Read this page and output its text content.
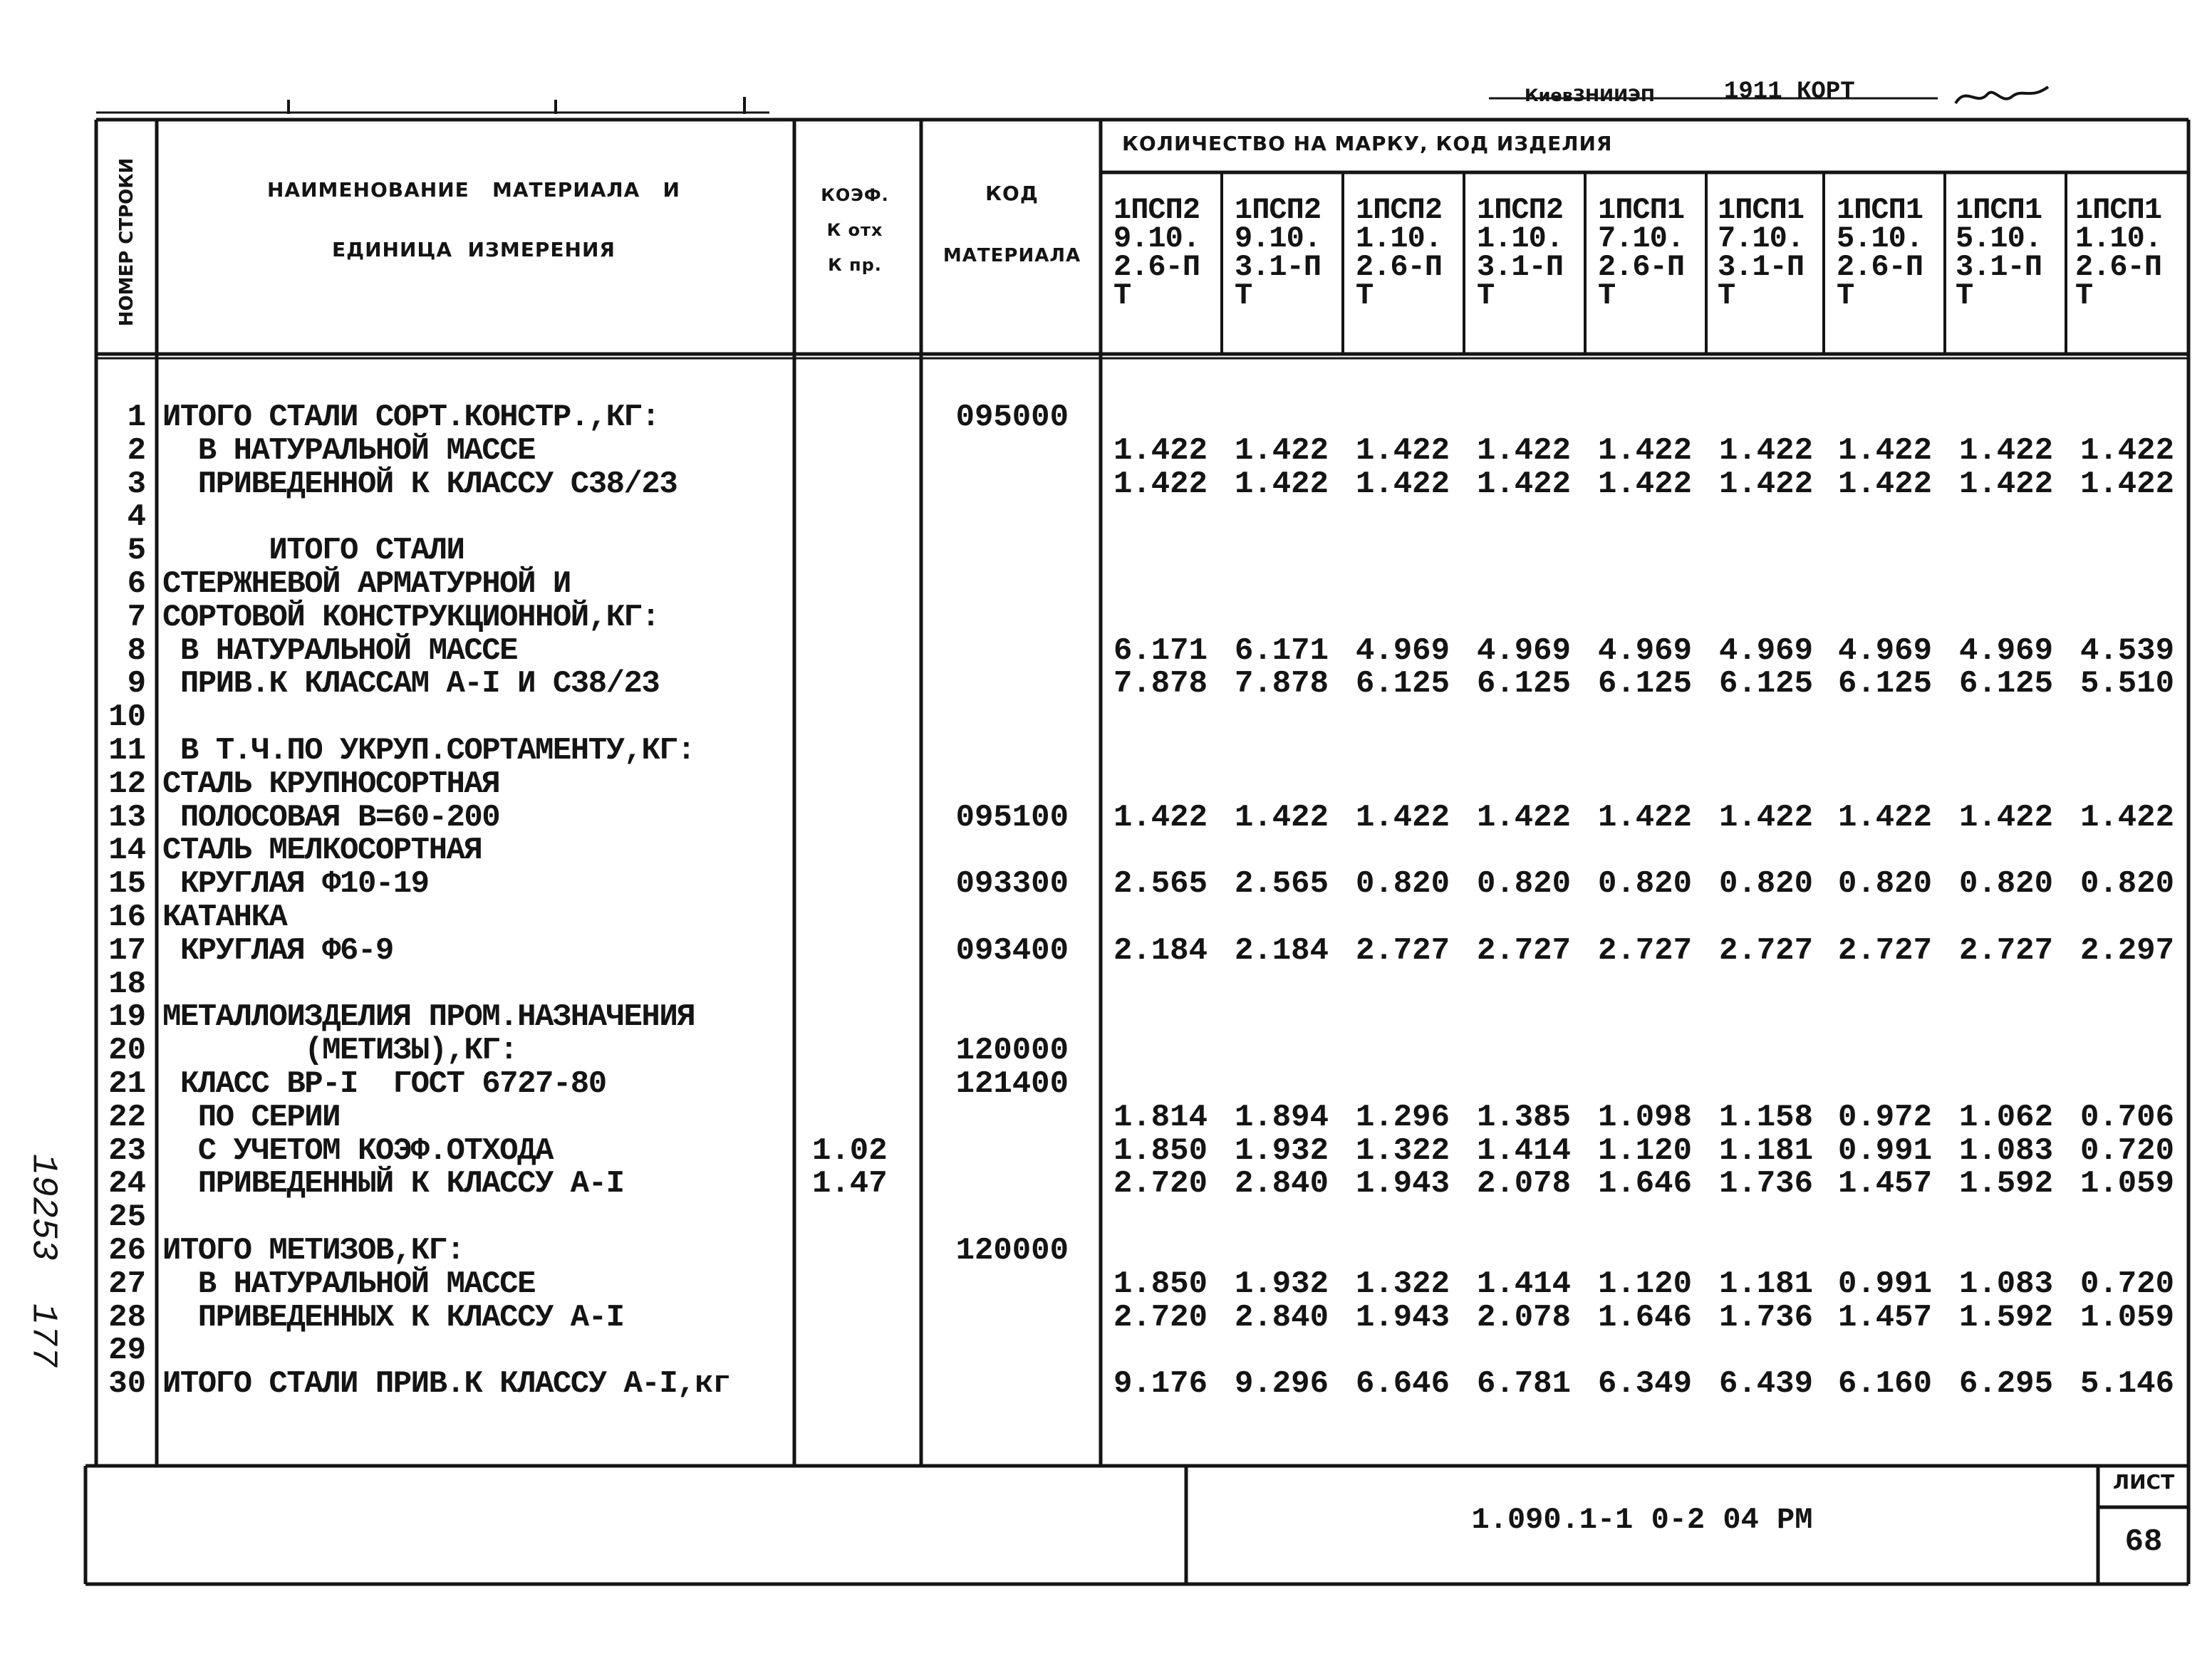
КиевЗНИИЭП	1911 КОРТ
НОМЕР СТРОКИ	НАИМЕНОВАНИЕ   МАТЕРИАЛА   И
ЕДИНИЦА  ИЗМЕРЕНИЯ
КОЭФ.
К отх
К пр.
КОД
МАТЕРИАЛА
КОЛИЧЕСТВО НА МАРКУ, КОД ИЗДЕЛИЯ
1ПСП2
9.10.
2.6-П
Т
1ПСП2
9.10.
3.1-П
Т
1ПСП2
1.10.
2.6-П
Т
1ПСП2
1.10.
3.1-П
Т
1ПСП1
7.10.
2.6-П
Т
1ПСП1
7.10.
3.1-П
Т
1ПСП1
5.10.
2.6-П
Т
1ПСП1
5.10.
3.1-П
Т
1ПСП1
1.10.
2.6-П
Т
1
2
3
4
5
6
7
8
9
10
11
12
13
14
15
16
17
18
19
20
21
22
23
24
25
26
27
28
29
30
ИТОГО СТАЛИ СОРТ.КОНСТР.,КГ:
В НАТУРАЛЬНОЙ МАССЕ
ПРИВЕДЕННОЙ К КЛАССУ С38/23
ИТОГО СТАЛИ
СТЕРЖНЕВОЙ АРМАТУРНОЙ И
СОРТОВОЙ КОНСТРУКЦИОННОЙ,КГ:
В НАТУРАЛЬНОЙ МАССЕ
ПРИВ.К КЛАССАМ А-I И С38/23
В Т.Ч.ПО УКРУП.СОРТАМЕНТУ,КГ:
СТАЛЬ КРУПНОСОРТНАЯ
ПОЛОСОВАЯ В=60-200
СТАЛЬ МЕЛКОСОРТНАЯ
КРУГЛАЯ Ф10-19
КАТАНКА
КРУГЛАЯ Ф6-9
МЕТАЛЛОИЗДЕЛИЯ ПРОМ.НАЗНАЧЕНИЯ
(МЕТИЗЫ),КГ:
КЛАСС ВР-I  ГОСТ 6727-80
ПО СЕРИИ
С УЧЕТОМ КОЭФ.ОТХОДА
ПРИВЕДЕННЫЙ К КЛАССУ А-I
ИТОГО МЕТИЗОВ,КГ:
В НАТУРАЛЬНОЙ МАССЕ
ПРИВЕДЕННЫХ К КЛАССУ А-I
ИТОГО СТАЛИ ПРИВ.К КЛАССУ А-I,кг
1.02
1.47
095000
095100
093300
093400
120000
121400
120000
1.422
1.422
6.171
7.878
1.422
2.565
2.184
1.814
1.850
2.720
1.850
2.720
9.176
1.422
1.422
6.171
7.878
1.422
2.565
2.184
1.894
1.932
2.840
1.932
2.840
9.296
1.422
1.422
4.969
6.125
1.422
0.820
2.727
1.296
1.322
1.943
1.322
1.943
6.646
1.422
1.422
4.969
6.125
1.422
0.820
2.727
1.385
1.414
2.078
1.414
2.078
6.781
1.422
1.422
4.969
6.125
1.422
0.820
2.727
1.098
1.120
1.646
1.120
1.646
6.349
1.422
1.422
4.969
6.125
1.422
0.820
2.727
1.158
1.181
1.736
1.181
1.736
6.439
1.422
1.422
4.969
6.125
1.422
0.820
2.727
0.972
0.991
1.457
0.991
1.457
6.160
1.422
1.422
4.969
6.125
1.422
0.820
2.727
1.062
1.083
1.592
1.083
1.592
6.295
1.422
1.422
4.539
5.510
1.422
0.820
2.297
0.706
0.720
1.059
0.720
1.059
5.146
1.090.1-1 0-2 04 РМ
ЛИСТ
68
19253  177
